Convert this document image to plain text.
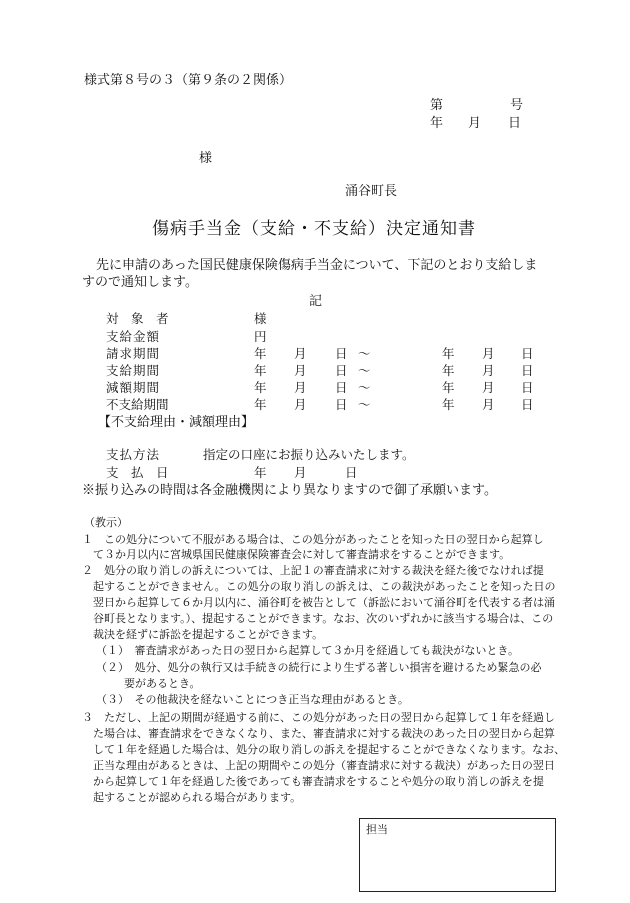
様式第８号の３（第９条の２関係）
第	号
年 月 日
様
涌谷町長
傷病手当金（支給・不支給）決定通知書
先に申請のあった国民健康保険傷病手当金について、下記のとおり支給しま
すので通知します。
記
対　象　者	様
支給金額	円
請求期間	年 月 日 ～	年 月 日
支給期間	年 月 日 ～	年 月 日
減額期間	年 月 日 ～	年 月 日
不支給期間	年 月 日 ～	年 月 日
【不支給理由・減額理由】
支払方法	指定の口座にお振り込みいたします。
支　払　日	年 月	日
※振り込みの時間は各金融機関により異なりますので御了承願います。
（教示）
１　この処分について不服がある場合は、この処分があったことを知った日の翌日から起算し
　て３か月以内に宮城県国民健康保険審査会に対して審査請求をすることができます。
２　処分の取り消しの訴えについては、上記１の審査請求に対する裁決を経た後でなければ提
　起することができません。この処分の取り消しの訴えは、この裁決があったことを知った日の
　翌日から起算して６か月以内に、涌谷町を被告として（訴訟において涌谷町を代表する者は涌
　谷町長となります。）、提起することができます。なお、次のいずれかに該当する場合は、この
　裁決を経ずに訴訟を提起することができます。
（１）　審査請求があった日の翌日から起算して３か月を経過しても裁決がないとき。
（２）　処分、処分の執行又は手続きの続行により生ずる著しい損害を避けるため緊急の必
要があるとき。
（３）　その他裁決を経ないことにつき正当な理由があるとき。
３　ただし、上記の期間が経過する前に、この処分があった日の翌日から起算して１年を経過し
　た場合は、審査請求をできなくなり、また、審査請求に対する裁決のあった日の翌日から起算
　して１年を経過した場合は、処分の取り消しの訴えを提起することができなくなります。なお、
　正当な理由があるときは、上記の期間やこの処分（審査請求に対する裁決）があった日の翌日
　から起算して１年を経過した後であっても審査請求をすることや処分の取り消しの訴えを提
　起することが認められる場合があります。
担当
